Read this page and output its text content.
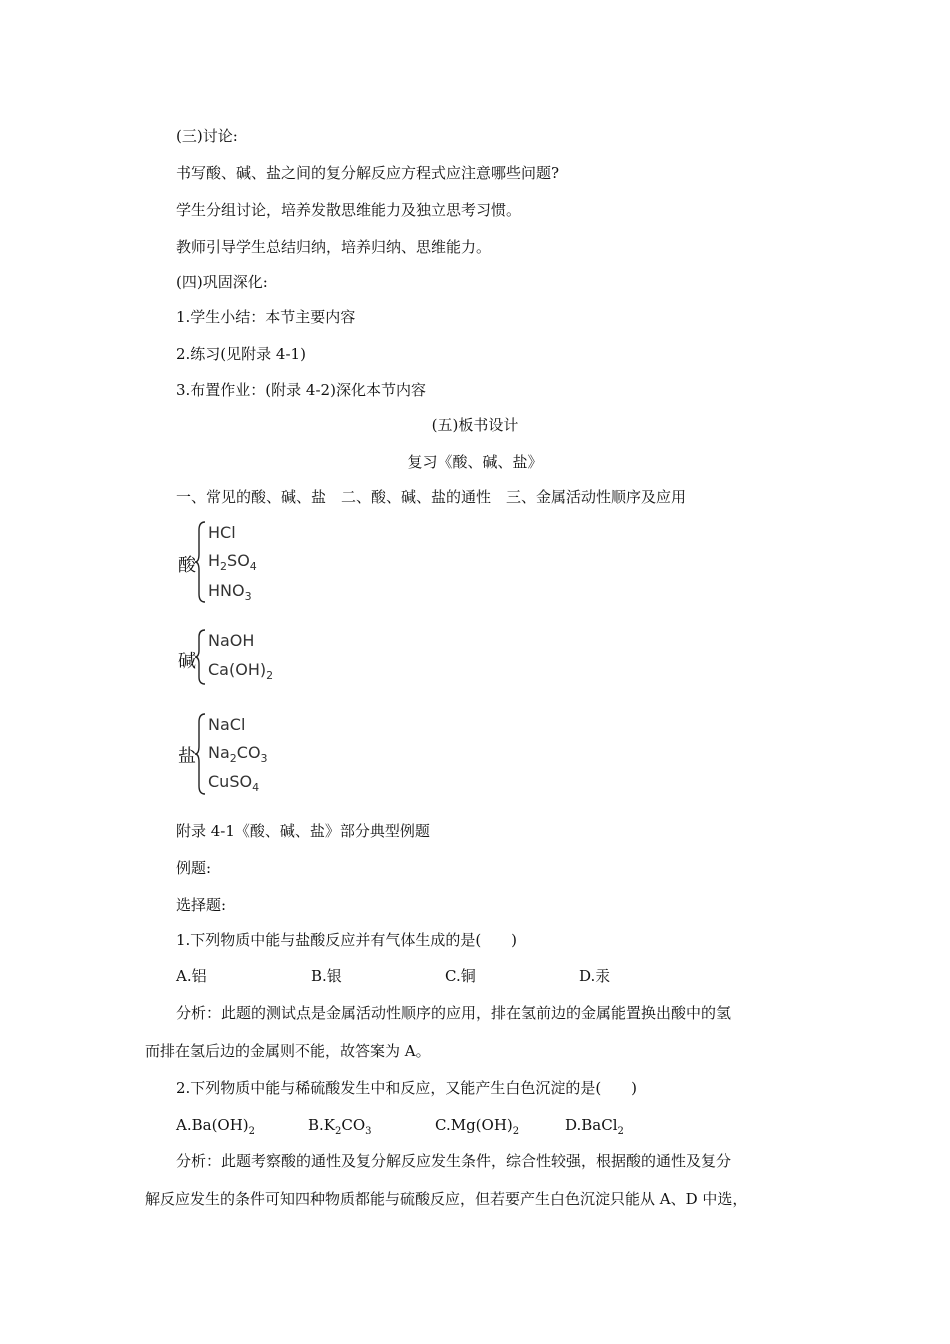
(三)讨论:
书写酸、碱、盐之间的复分解反应方程式应注意哪些问题?
学生分组讨论，培养发散思维能力及独立思考习惯。
教师引导学生总结归纳，培养归纳、思维能力。
(四)巩固深化:
1.学生小结：本节主要内容
2.练习(见附录 4-1)
3.布置作业：(附录 4-2)深化本节内容
(五)板书设计
复习《酸、碱、盐》
一、常见的酸、碱、盐　二、酸、碱、盐的通性　三、金属活动性顺序及应用
酸
HCl
$H_2SO_4$
$HNO_3$
碱
NaOH
$Ca(OH)_2$
盐
NaCl
$Na_2CO_3$
CuSO$_4$
附录 4-1《酸、碱、盐》部分典型例题
例题:
选择题:
1.下列物质中能与盐酸反应并有气体生成的是(　　)
A.铝	B.银	C.铜	D.汞
分析：此题的测试点是金属活动性顺序的应用，排在氢前边的金属能置换出酸中的氢
而排在氢后边的金属则不能，故答案为 A。
2.下列物质中能与稀硫酸发生中和反应，又能产生白色沉淀的是(　　)
$A.Ba(OH)_2$	$B.K_2CO_3$	$C.Mg(OH)_2$	D.BaCl$_2$
分析：此题考察酸的通性及复分解反应发生条件，综合性较强，根据酸的通性及复分
解反应发生的条件可知四种物质都能与硫酸反应，但若要产生白色沉淀只能从 A、D 中选，
